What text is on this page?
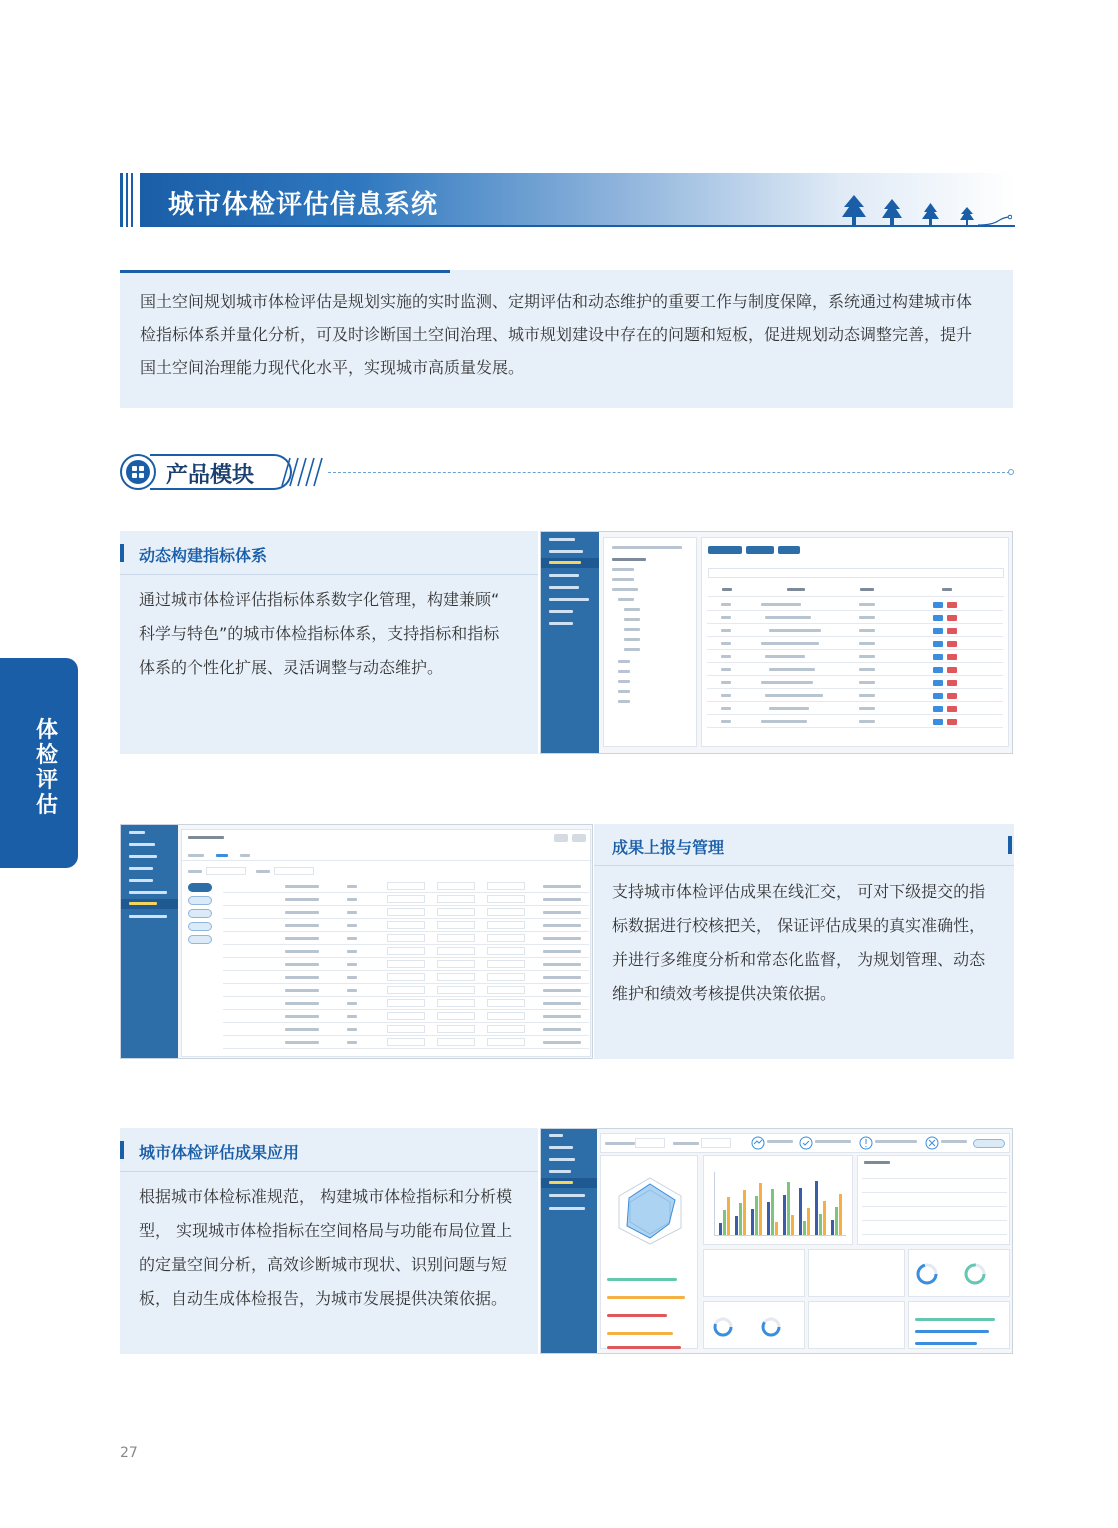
城市体检评估信息系统
国土空间规划城市体检评估是规划实施的实时监测、定期评估和动态维护的重要工作与制度保障，系统通过构建城市体
检指标体系并量化分析，可及时诊断国土空间治理、城市规划建设中存在的问题和短板，促进规划动态调整完善，提升
国土空间治理能力现代化水平，实现城市高质量发展。
产品模块
体
检
评
估
动态构建指标体系
通过城市体检评估指标体系数字化管理，构建兼顾“
科学与特色”的城市体检指标体系，支持指标和指标
体系的个性化扩展、灵活调整与动态维护。
成果上报与管理
支持城市体检评估成果在线汇交， 可对下级提交的指
标数据进行校核把关， 保证评估成果的真实准确性，
并进行多维度分析和常态化监督， 为规划管理、动态
维护和绩效考核提供决策依据。
城市体检评估成果应用
根据城市体检标准规范， 构建城市体检指标和分析模
型， 实现城市体检指标在空间格局与功能布局位置上
的定量空间分析，高效诊断城市现状、识别问题与短
板，自动生成体检报告，为城市发展提供决策依据。
27
